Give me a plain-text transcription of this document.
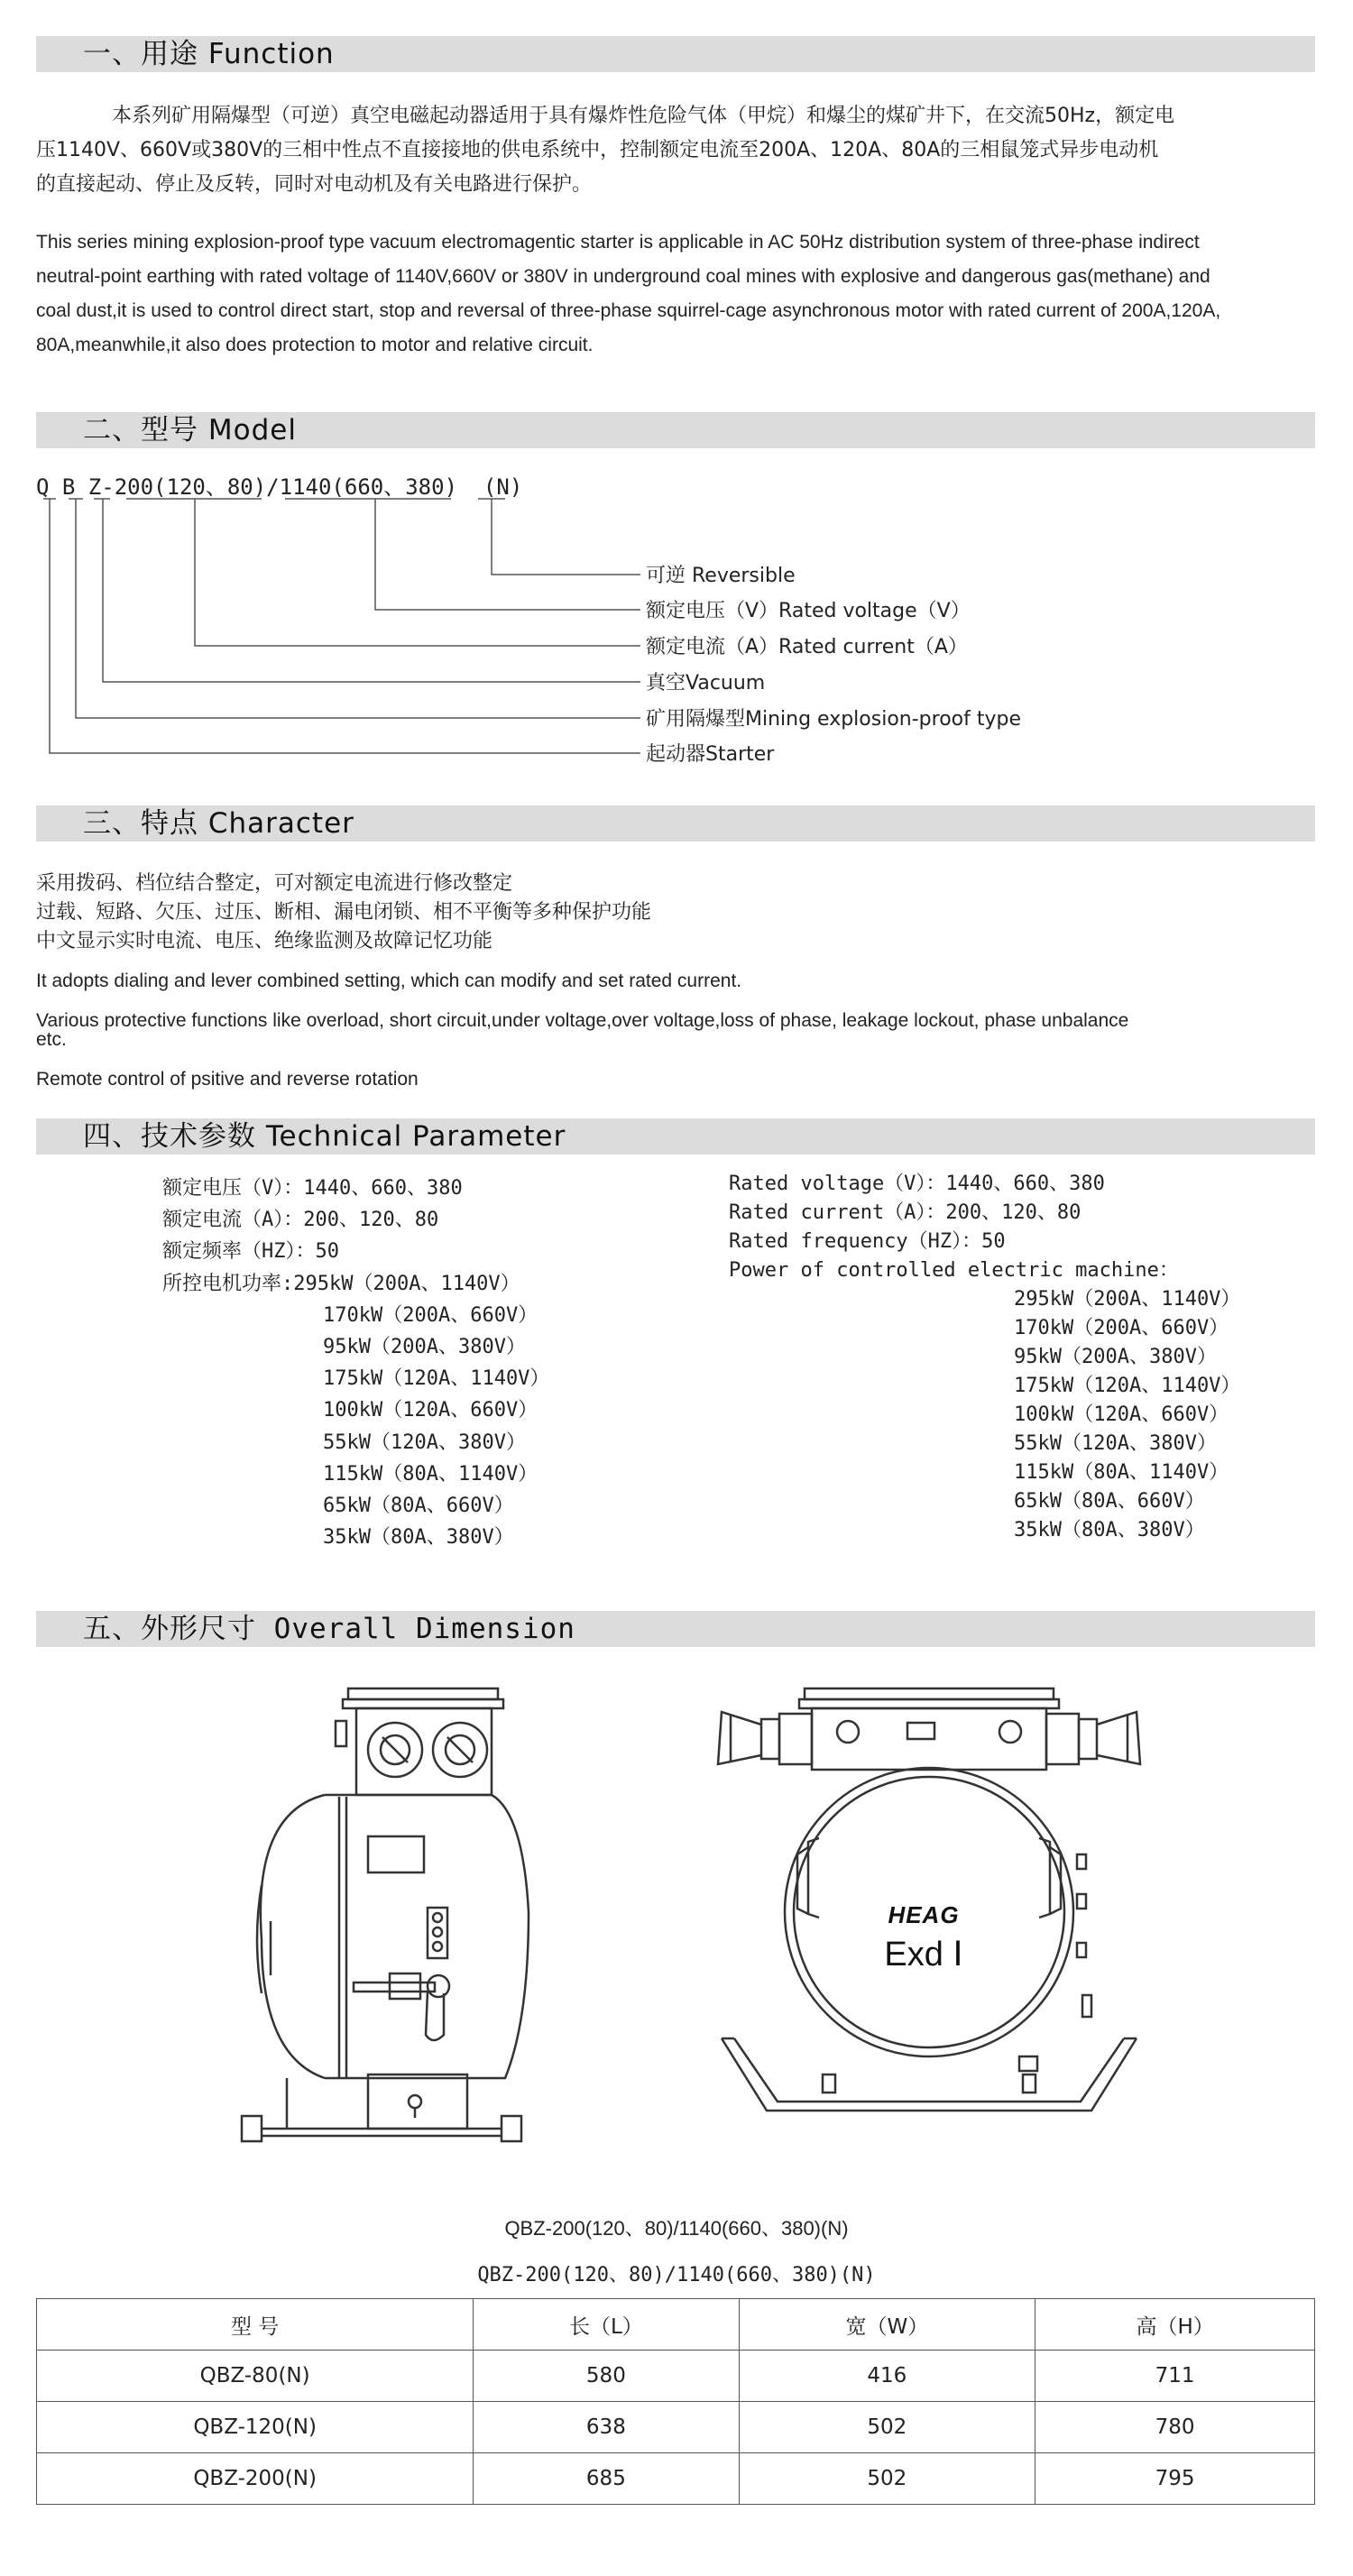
一、用途 Function

本系列矿用隔爆型（可逆）真空电磁起动器适用于具有爆炸性危险气体（甲烷）和爆尘的煤矿井下，在交流50Hz，额定电

压1140V、660V或380V的三相中性点不直接接地的供电系统中，控制额定电流至200A、120A、80A的三相鼠笼式异步电动机

的直接起动、停止及反转，同时对电动机及有关电路进行保护。

This series mining explosion-proof type vacuum electromagentic starter is applicable in AC 50Hz distribution system of three-phase indirect

neutral-point earthing with rated voltage of 1140V,660V or 380V in underground coal mines with explosive and dangerous gas(methane) and

coal dust,it is used to control direct start, stop and reversal of three-phase squirrel-cage asynchronous motor with rated current of 200A,120A,

80A,meanwhile,it also does protection to motor and relative circuit.

二、型号 Model
Q B Z-200(120、80)/1140(660、380)  (N)
可逆 Reversible
额定电压（V）Rated voltage（V）
额定电流（A）Rated current（A）
真空Vacuum
矿用隔爆型Mining explosion-proof type
起动器Starter
三、特点 Character

采用拨码、档位结合整定，可对额定电流进行修改整定

过载、短路、欠压、过压、断相、漏电闭锁、相不平衡等多种保护功能

中文显示实时电流、电压、绝缘监测及故障记忆功能

It adopts dialing and lever combined setting, which can modify and set rated current.

Various protective functions like overload, short circuit,under voltage,over voltage,loss of phase, leakage lockout, phase unbalance

etc.

Remote control of psitive and reverse rotation

四、技术参数 Technical Parameter
额定电压（V）：1440、660、380
额定电流（A）：200、120、80
额定频率（HZ）：50
所控电机功率:295kW（200A、1140V）
170kW（200A、660V）
95kW（200A、380V）
175kW（120A、1140V）
100kW（120A、660V）
55kW（120A、380V）
115kW（80A、1140V）
65kW（80A、660V）
35kW（80A、380V）
Rated voltage（V）：1440、660、380
Rated current（A）：200、120、80
Rated frequency（HZ）：50
Power of controlled electric machine：
295kW（200A、1140V）
170kW（200A、660V）
95kW（200A、380V）
175kW（120A、1140V）
100kW（120A、660V）
55kW（120A、380V）
115kW（80A、1140V）
65kW（80A、660V）
35kW（80A、380V）
五、外形尺寸 Overall Dimension
HEAG
Exd Ⅰ
QBZ-200(120、80)/1140(660、380)(N)
QBZ-200(120、80)/1140(660、380)(N)
型 号	长（L）	宽（W）	高（H）
QBZ-80(N)	580	416	711
QBZ-120(N)	638	502	780
QBZ-200(N)	685	502	795
